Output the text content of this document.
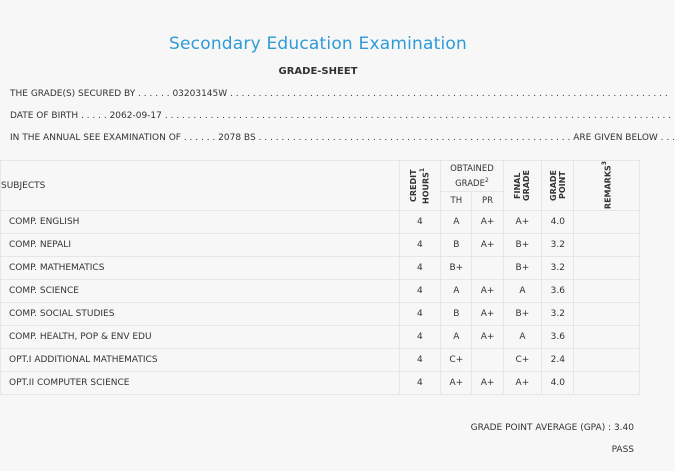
Secondary Education Examination
GRADE-SHEET
THE GRADE(S) SECURED BY . . . . . . 03203145W . . . . . . . . . . . . . . . . . . . . . . . . . . . . . . . . . . . . . . . . . . . . . . . . . . . . . . . . . . . . . . . . . . . . . . . . . . . . .
DATE OF BIRTH . . . . . 2062-09-17 . . . . . . . . . . . . . . . . . . . . . . . . . . . . . . . . . . . . . . . . . . . . . . . . . . . . . . . . . . . . . . . . . . . . . . . . . . . . . . . . . . . . . . . . .
IN THE ANNUAL SEE EXAMINATION OF . . . . . . 2078 BS . . . . . . . . . . . . . . . . . . . . . . . . . . . . . . . . . . . . . . . . . . . . . . . . . . . . . . . ARE GIVEN BELOW . . .
SUBJECTS	CREDIT HOURS$^1$	OBTAINED GRADE$^2$		FINAL GRADE	GRADE POINT	REMARKS$^3$

		TH	PR			
COMP. ENGLISH	4	A	A+	A+	4.0	
COMP. NEPALI	4	B	A+	B+	3.2	
COMP. MATHEMATICS	4	B+		B+	3.2	
COMP. SCIENCE	4	A	A+	A	3.6	
COMP. SOCIAL STUDIES	4	B	A+	B+	3.2	
COMP. HEALTH, POP & ENV EDU	4	A	A+	A	3.6	
OPT.I ADDITIONAL MATHEMATICS	4	C+		C+	2.4	
OPT.II COMPUTER SCIENCE	4	A+	A+	A+	4.0	
GRADE POINT AVERAGE (GPA) : 3.40
PASS
